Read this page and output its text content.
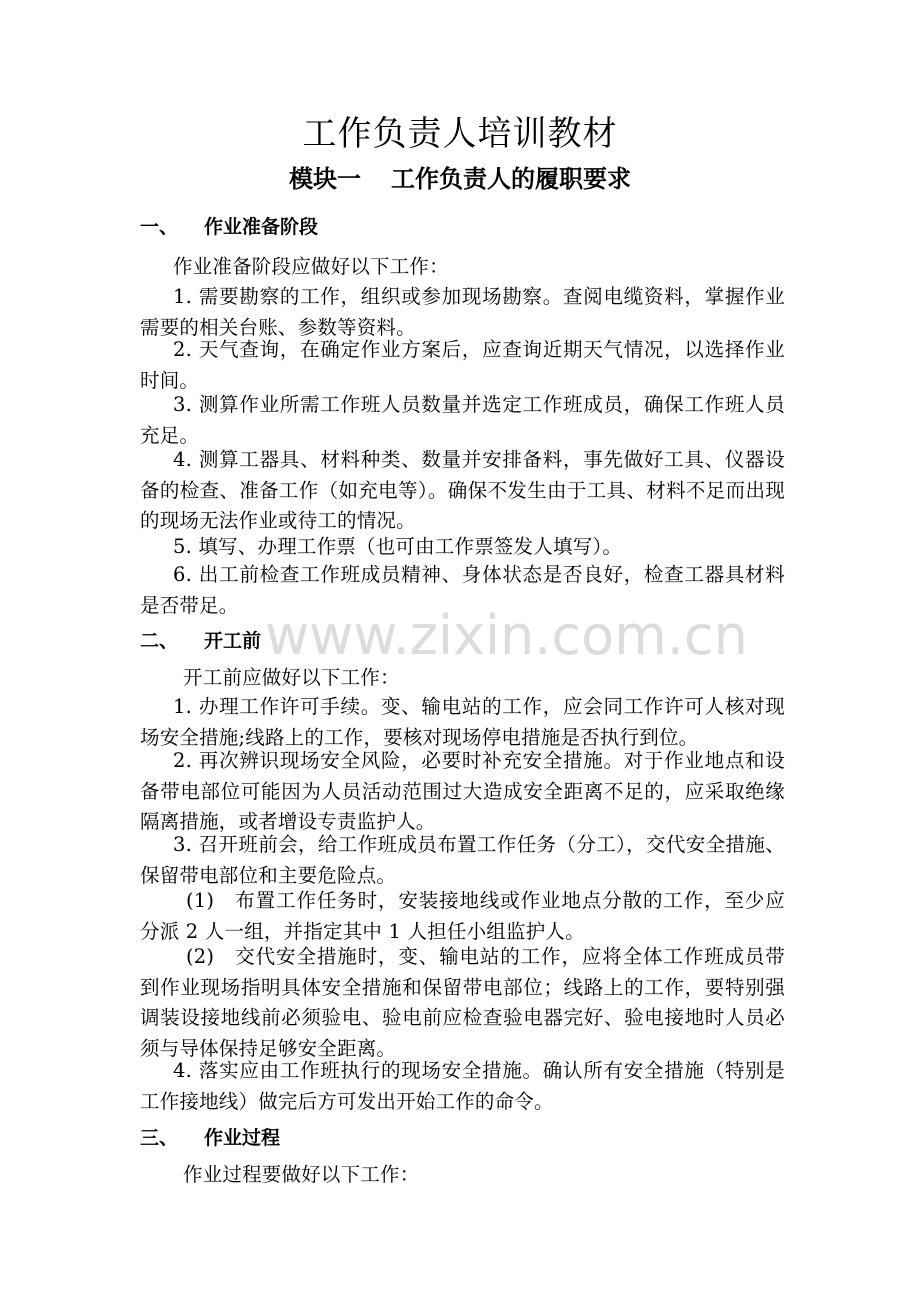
www.zixin.com.cn
工作负责人培训教材
模块一 工作负责人的履职要求
一、 作业准备阶段
作业准备阶段应做好以下工作：
1. 需要勘察的工作，组织或参加现场勘察。查阅电缆资料，掌握作业需要的相关台账、参数等资料。
2. 天气查询，在确定作业方案后，应查询近期天气情况，以选择作业时间。
3. 测算作业所需工作班人员数量并选定工作班成员，确保工作班人员充足。
4. 测算工器具、材料种类、数量并安排备料，事先做好工具、仪器设备的检查、准备工作（如充电等）。确保不发生由于工具、材料不足而出现的现场无法作业或待工的情况。
5. 填写、办理工作票（也可由工作票签发人填写）。
6. 出工前检查工作班成员精神、身体状态是否良好，检查工器具材料是否带足。
二、 开工前
开工前应做好以下工作：
1. 办理工作许可手续。变、输电站的工作，应会同工作许可人核对现场安全措施;线路上的工作，要核对现场停电措施是否执行到位。
2. 再次辨识现场安全风险，必要时补充安全措施。对于作业地点和设备带电部位可能因为人员活动范围过大造成安全距离不足的，应采取绝缘隔离措施，或者增设专责监护人。
3. 召开班前会，给工作班成员布置工作任务（分工），交代安全措施、保留带电部位和主要危险点。
(1)　布置工作任务时，安装接地线或作业地点分散的工作，至少应分派 2 人一组，并指定其中 1 人担任小组监护人。
(2)　交代安全措施时，变、输电站的工作，应将全体工作班成员带到作业现场指明具体安全措施和保留带电部位；线路上的工作，要特别强调装设接地线前必须验电、验电前应检查验电器完好、验电接地时人员必须与导体保持足够安全距离。
4. 落实应由工作班执行的现场安全措施。确认所有安全措施（特别是工作接地线）做完后方可发出开始工作的命令。
三、 作业过程
作业过程要做好以下工作：
